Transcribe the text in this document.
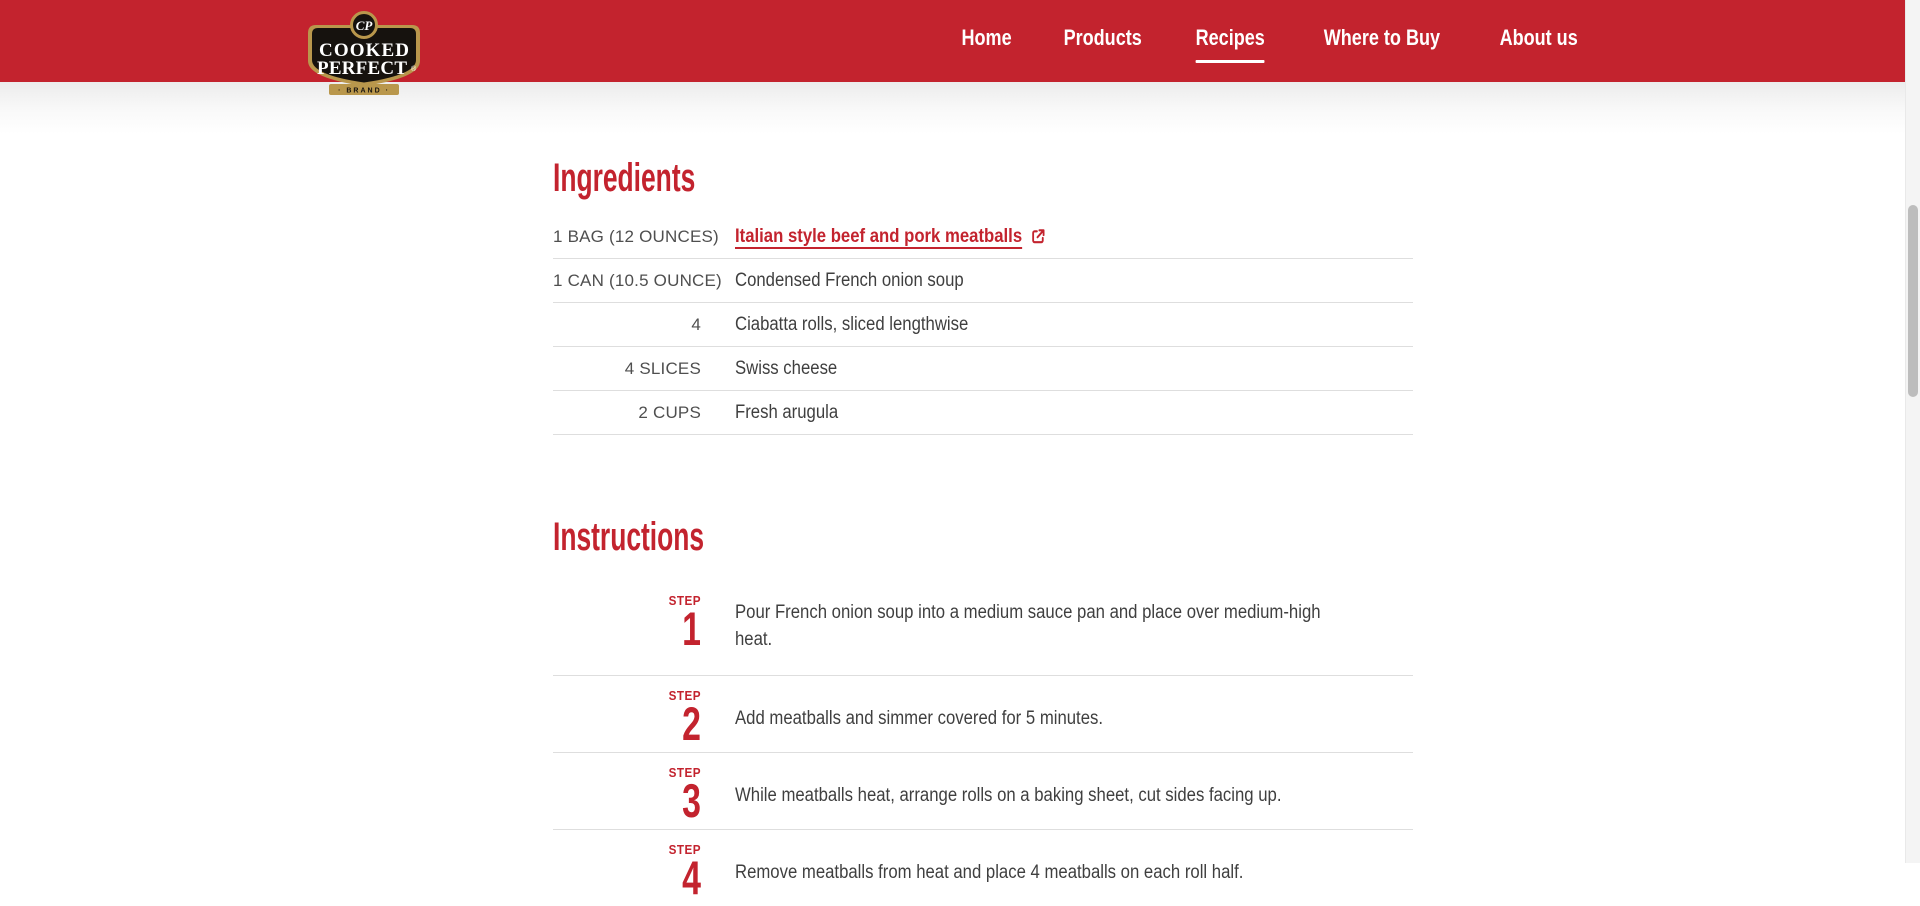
CP
COOKED
PERFECT ®
· BRAND ·
Home	Products	Recipes	Where to Buy	About us
Ingredients
1 BAG (12 OUNCES) Italian style beef and pork meatballs
1 CAN (10.5 OUNCE) Condensed French onion soup
4 Ciabatta rolls, sliced lengthwise
4 SLICES Swiss cheese
2 CUPS Fresh arugula
Instructions
STEP
1 Pour French onion soup into a medium sauce pan and place over medium-high heat.
STEP
2 Add meatballs and simmer covered for 5 minutes.
STEP
3 While meatballs heat, arrange rolls on a baking sheet, cut sides facing up.
STEP
4 Remove meatballs from heat and place 4 meatballs on each roll half.
